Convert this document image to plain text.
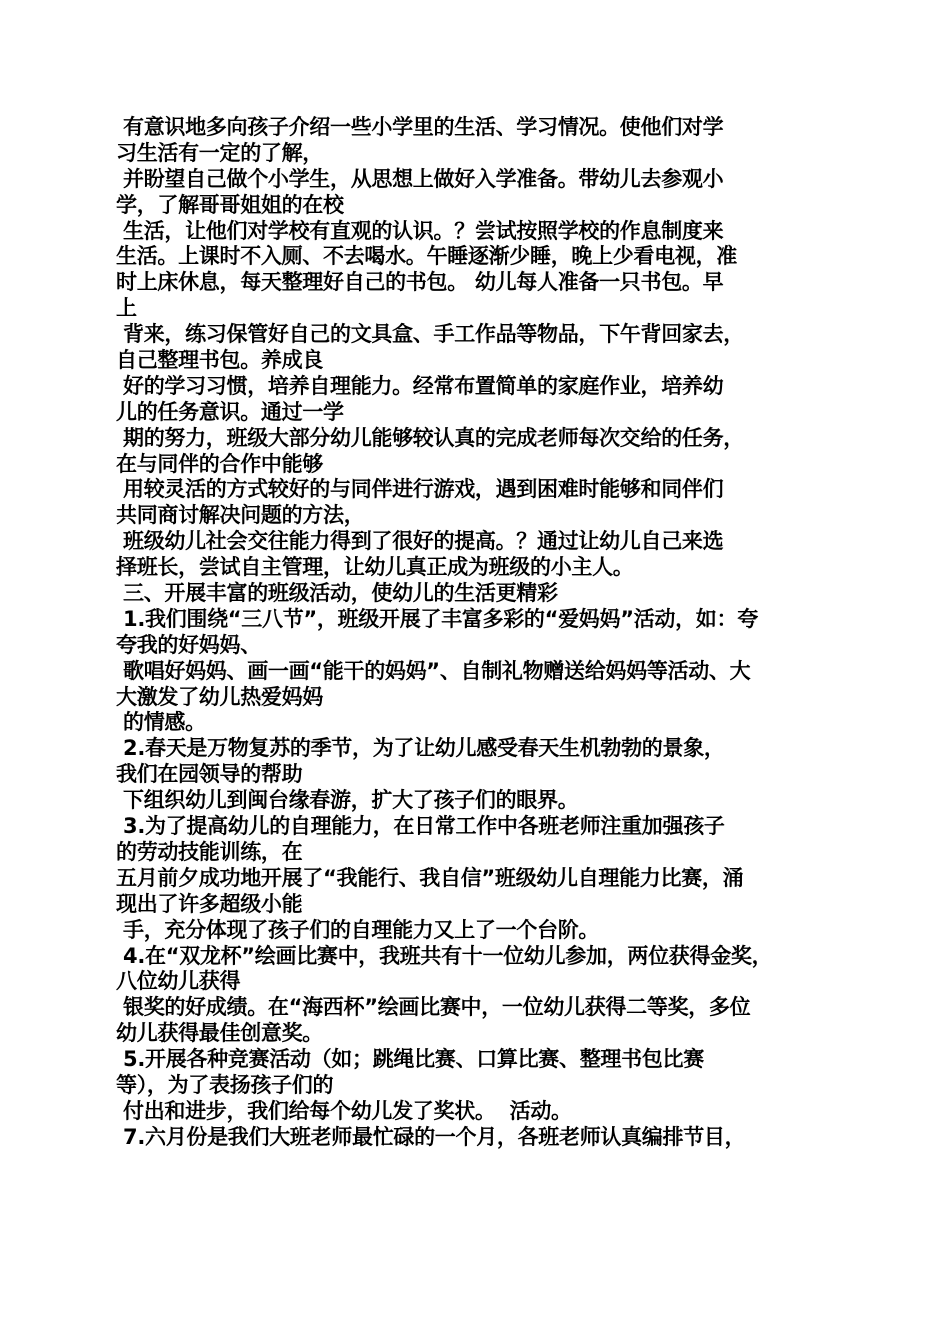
有意识地多向孩子介绍一些小学里的生活、学习情况。使他们对学
习生活有一定的了解，
并盼望自己做个小学生，从思想上做好入学准备。带幼儿去参观小
学，了解哥哥姐姐的在校
生活，让他们对学校有直观的认识。？尝试按照学校的作息制度来
生活。上课时不入厕、不去喝水。午睡逐渐少睡，晚上少看电视，准
时上床休息，每天整理好自己的书包。 幼儿每人准备一只书包。早
上
背来，练习保管好自己的文具盒、手工作品等物品，下午背回家去，
自己整理书包。养成良
好的学习习惯，培养自理能力。经常布置简单的家庭作业，培养幼
儿的任务意识。通过一学
期的努力，班级大部分幼儿能够较认真的完成老师每次交给的任务，
在与同伴的合作中能够
用较灵活的方式较好的与同伴进行游戏，遇到困难时能够和同伴们
共同商讨解决问题的方法，
班级幼儿社会交往能力得到了很好的提高。？通过让幼儿自己来选
择班长，尝试自主管理，让幼儿真正成为班级的小主人。
三、开展丰富的班级活动，使幼儿的生活更精彩
1.我们围绕“三八节”，班级开展了丰富多彩的“爱妈妈”活动，如：夸
夸我的好妈妈、
歌唱好妈妈、画一画“能干的妈妈”、自制礼物赠送给妈妈等活动、大
大激发了幼儿热爱妈妈
的情感。
2.春天是万物复苏的季节，为了让幼儿感受春天生机勃勃的景象，
我们在园领导的帮助
下组织幼儿到闽台缘春游，扩大了孩子们的眼界。
3.为了提高幼儿的自理能力，在日常工作中各班老师注重加强孩子
的劳动技能训练，在
五月前夕成功地开展了“我能行、我自信”班级幼儿自理能力比赛，涌
现出了许多超级小能
手，充分体现了孩子们的自理能力又上了一个台阶。
4.在“双龙杯”绘画比赛中，我班共有十一位幼儿参加，两位获得金奖，
八位幼儿获得
银奖的好成绩。在“海西杯”绘画比赛中，一位幼儿获得二等奖，多位
幼儿获得最佳创意奖。
5.开展各种竞赛活动（如；跳绳比赛、口算比赛、整理书包比赛
等），为了表扬孩子们的
付出和进步，我们给每个幼儿发了奖状。  活动。
7.六月份是我们大班老师最忙碌的一个月，各班老师认真编排节目，
